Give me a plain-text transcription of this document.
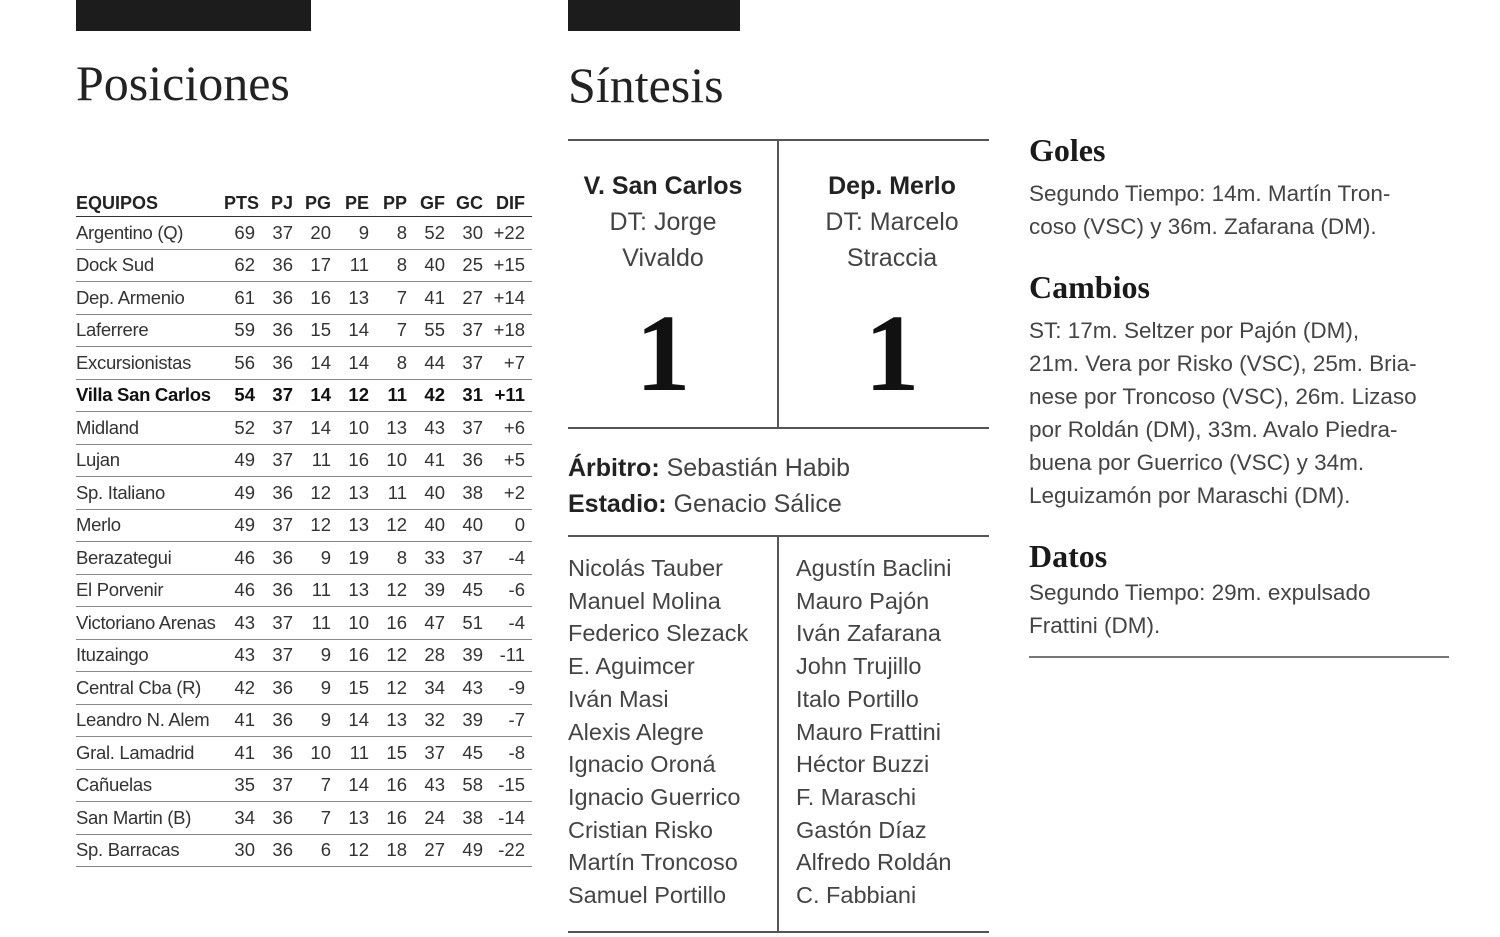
Posiciones
EQUIPOS	PTS	PJ	PG	PE	PP	GF	GC	DIF
Argentino (Q)	69	37	20	9	8	52	30	+22
Dock Sud	62	36	17	11	8	40	25	+15
Dep. Armenio	61	36	16	13	7	41	27	+14
Laferrere	59	36	15	14	7	55	37	+18
Excursionistas	56	36	14	14	8	44	37	+7
Villa San Carlos	54	37	14	12	11	42	31	+11
Midland	52	37	14	10	13	43	37	+6
Lujan	49	37	11	16	10	41	36	+5
Sp. Italiano	49	36	12	13	11	40	38	+2
Merlo	49	37	12	13	12	40	40	0
Berazategui	46	36	9	19	8	33	37	-4
El Porvenir	46	36	11	13	12	39	45	-6
Victoriano Arenas	43	37	11	10	16	47	51	-4
Ituzaingo	43	37	9	16	12	28	39	-11
Central Cba (R)	42	36	9	15	12	34	43	-9
Leandro N. Alem	41	36	9	14	13	32	39	-7
Gral. Lamadrid	41	36	10	11	15	37	45	-8
Cañuelas	35	37	7	14	16	43	58	-15
San Martin (B)	34	36	7	13	16	24	38	-14
Sp. Barracas	30	36	6	12	18	27	49	-22
Síntesis
V. San Carlos
DT: Jorge
Vivaldo
Dep. Merlo
DT: Marcelo
Straccia
1	1
Árbitro: Sebastián Habib
Estadio: Genacio Sálice
Nicolás Tauber
Manuel Molina
Federico Slezack
E. Aguimcer
Iván Masi
Alexis Alegre
Ignacio Oroná
Ignacio Guerrico
Cristian Risko
Martín Troncoso
Samuel Portillo
Agustín Baclini
Mauro Pajón
Iván Zafarana
John Trujillo
Italo Portillo
Mauro Frattini
Héctor Buzzi
F. Maraschi
Gastón Díaz
Alfredo Roldán
C. Fabbiani
Goles
Segundo Tiempo: 14m. Martín Tron-
coso (VSC) y 36m. Zafarana (DM).
Cambios
ST: 17m. Seltzer por Pajón (DM),
21m. Vera por Risko (VSC), 25m. Bria-
nese por Troncoso (VSC), 26m. Lizaso
por Roldán (DM), 33m. Avalo Piedra-
buena por Guerrico (VSC) y 34m.
Leguizamón por Maraschi (DM).
Datos
Segundo Tiempo: 29m. expulsado
Frattini (DM).
